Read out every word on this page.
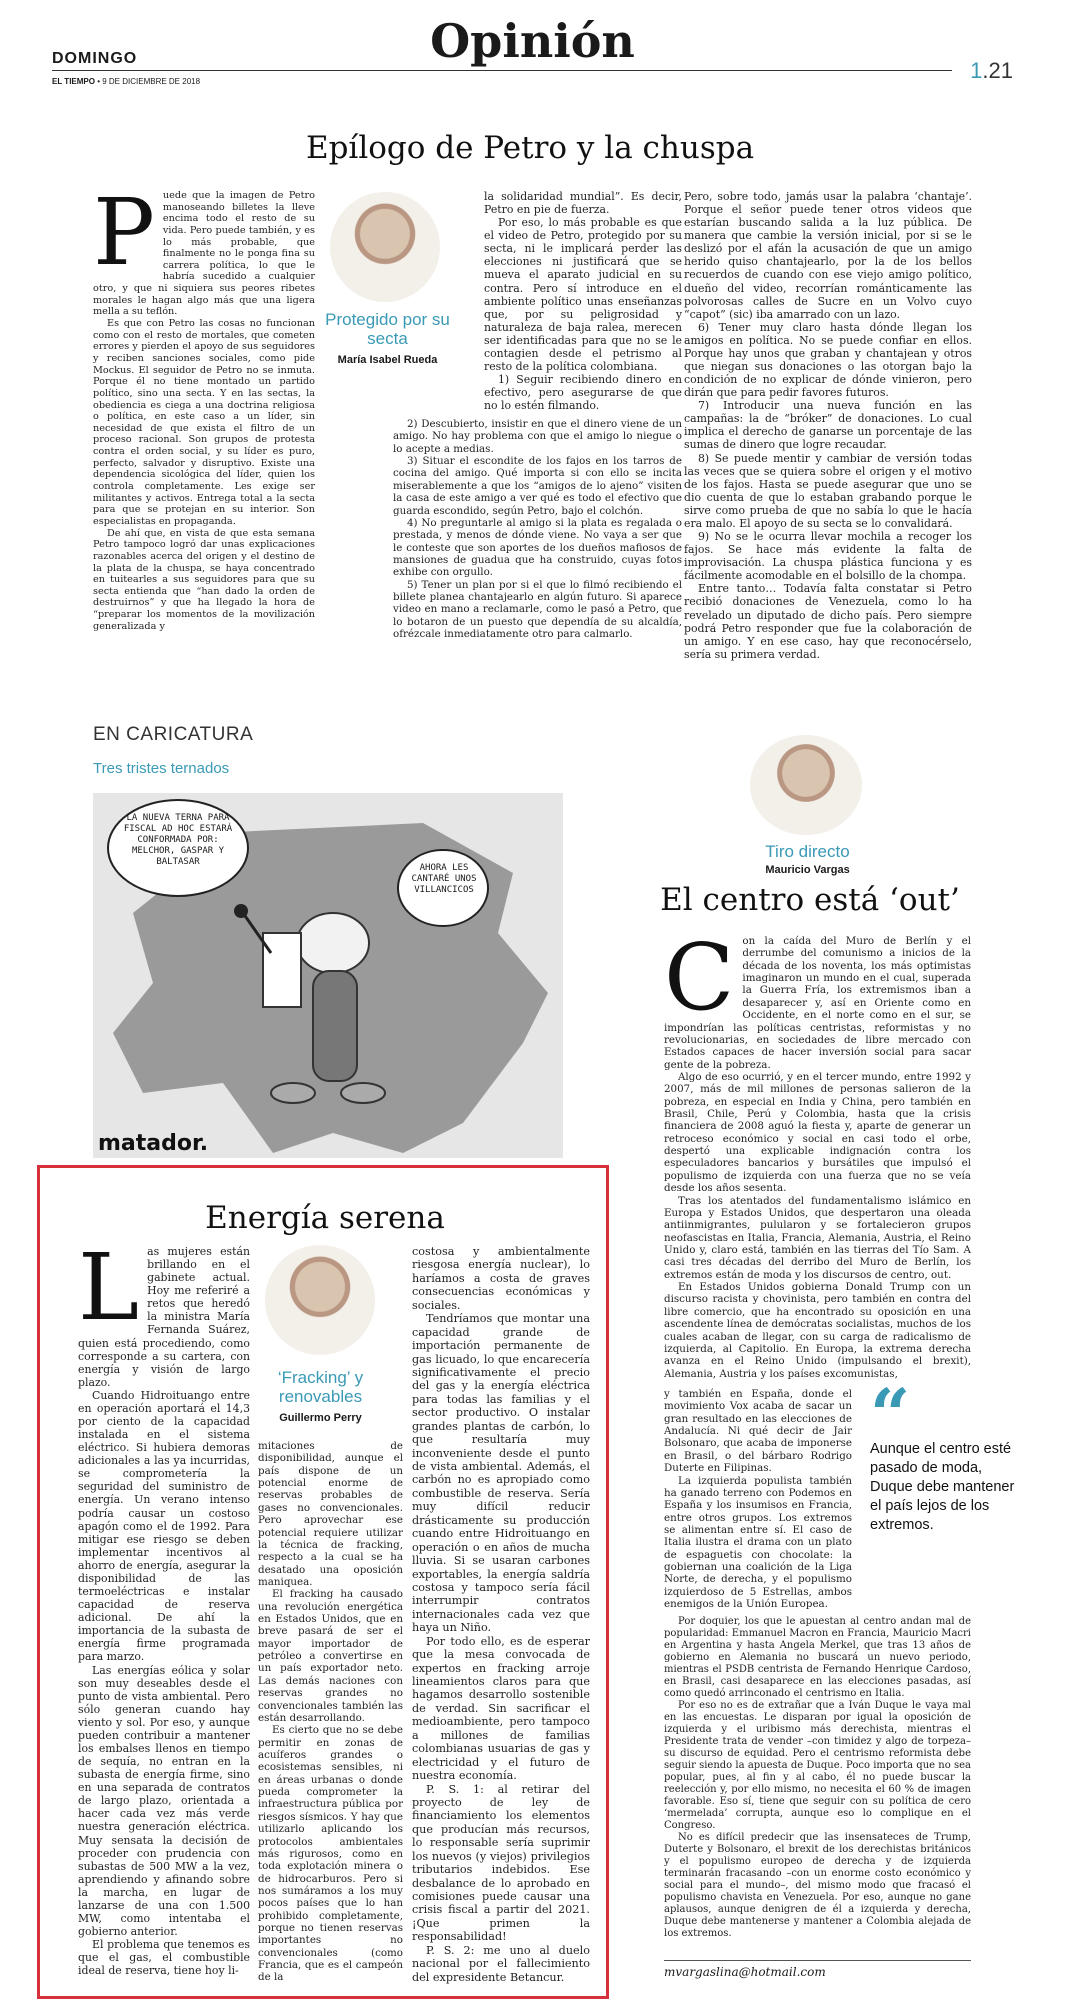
Opinión
DOMINGO
EL TIEMPO • 9 DE DICIEMBRE DE 2018	1.21
Epílogo de Petro y la chuspa
P uede que la imagen de Petro manoseando billetes la lleve encima todo el resto de su vida. Pero puede también, y es lo más probable, que finalmente no le ponga fina su carrera política, lo que le habría sucedido a cualquier otro, y que ni siquiera sus peores ribetes morales le hagan algo más que una ligera mella a su teflón.

Es que con Petro las cosas no funcionan como con el resto de mortales, que cometen errores y pierden el apoyo de sus seguidores y reciben sanciones sociales, como pide Mockus. El seguidor de Petro no se inmuta. Porque él no tiene montado un partido político, sino una secta. Y en las sectas, la obediencia es ciega a una doctrina religiosa o política, en este caso a un líder, sin necesidad de que exista el filtro de un proceso racional. Son grupos de protesta contra el orden social, y su líder es puro, perfecto, salvador y disruptivo. Existe una dependencia sicológica del líder, quien los controla completamente. Les exige ser militantes y activos. Entrega total a la secta para que se protejan en su interior. Son especialistas en propaganda.

De ahí que, en vista de que esta semana Petro tampoco logró dar unas explicaciones razonables acerca del origen y el destino de la plata de la chuspa, se haya concentrado en tuitearles a sus seguidores para que su secta entienda que “han dado la orden de destruirnos” y que ha llegado la hora de “preparar los momentos de la movilización generalizada y

Protegido por su secta
María Isabel Rueda

la solidaridad mundial”. Es decir, Petro en pie de fuerza.

Por eso, lo más probable es que el video de Petro, protegido por su secta, ni le implicará perder las elecciones ni justificará que se mueva el aparato judicial en su contra. Pero sí introduce en el ambiente político unas enseñanzas que, por su peligrosidad y naturaleza de baja ralea, merecen ser identificadas para que no se le contagien desde el petrismo al resto de la política colombiana.

1) Seguir recibiendo dinero en efectivo, pero asegurarse de que no lo estén filmando.

2) Descubierto, insistir en que el dinero viene de un amigo. No hay problema con que el amigo lo niegue o lo acepte a medias.

3) Situar el escondite de los fajos en los tarros de cocina del amigo. Qué importa si con ello se incita miserablemente a que los “amigos de lo ajeno” visiten la casa de este amigo a ver qué es todo el efectivo que guarda escondido, según Petro, bajo el colchón.

4) No preguntarle al amigo si la plata es regalada o prestada, y menos de dónde viene. No vaya a ser que le conteste que son aportes de los dueños mafiosos de mansiones de guadua que ha construido, cuyas fotos exhibe con orgullo.

5) Tener un plan por si el que lo filmó recibiendo el billete planea chantajearlo en algún futuro. Si aparece video en mano a reclamarle, como le pasó a Petro, que lo botaron de un puesto que dependía de su alcaldía, ofrézcale inmediatamente otro para calmarlo.

Pero, sobre todo, jamás usar la palabra ‘chantaje’. Porque el señor puede tener otros videos que estarían buscando salida a la luz pública. De manera que cambie la versión inicial, por si se le deslizó por el afán la acusación de que un amigo herido quiso chantajearlo, por la de los bellos recuerdos de cuando con ese viejo amigo político, dueño del video, recorrían románticamente las polvorosas calles de Sucre en un Volvo cuyo “capot” (sic) iba amarrado con un lazo.

6) Tener muy claro hasta dónde llegan los amigos en política. No se puede confiar en ellos. Porque hay unos que graban y chantajean y otros que niegan sus donaciones o las otorgan bajo la condición de no explicar de dónde vinieron, pero dirán que para pedir favores futuros.

7) Introducir una nueva función en las campañas: la de “bróker” de donaciones. Lo cual implica el derecho de ganarse un porcentaje de las sumas de dinero que logre recaudar.

8) Se puede mentir y cambiar de versión todas las veces que se quiera sobre el origen y el motivo de los fajos. Hasta se puede asegurar que uno se dio cuenta de que lo estaban grabando porque le sirve como prueba de que no sabía lo que le hacía era malo. El apoyo de su secta se lo convalidará.

9) No se le ocurra llevar mochila a recoger los fajos. Se hace más evidente la falta de improvisación. La chuspa plástica funciona y es fácilmente acomodable en el bolsillo de la chompa.

Entre tanto… Todavía falta constatar si Petro recibió donaciones de Venezuela, como lo ha revelado un diputado de dicho país. Pero siempre podrá Petro responder que fue la colaboración de un amigo. Y en ese caso, hay que reconocérselo, sería su primera verdad.

EN CARICATURA
Tres tristes ternados
LA NUEVA TERNA PARA FISCAL AD HOC ESTARÁ CONFORMADA POR: MELCHOR, GASPAR Y BALTASAR
AHORA LES CANTARÉ UNOS VILLANCICOS
matador.
Tiro directo
Mauricio Vargas
El centro está ‘out’
C on la caída del Muro de Berlín y el derrumbe del comunismo a inicios de la década de los noventa, los más optimistas imaginaron un mundo en el cual, superada la Guerra Fría, los extremismos iban a desaparecer y, así en Oriente como en Occidente, en el norte como en el sur, se impondrían las políticas centristas, reformistas y no revolucionarias, en sociedades de libre mercado con Estados capaces de hacer inversión social para sacar gente de la pobreza.

Algo de eso ocurrió, y en el tercer mundo, entre 1992 y 2007, más de mil millones de personas salieron de la pobreza, en especial en India y China, pero también en Brasil, Chile, Perú y Colombia, hasta que la crisis financiera de 2008 aguó la fiesta y, aparte de generar un retroceso económico y social en casi todo el orbe, despertó una explicable indignación contra los especuladores bancarios y bursátiles que impulsó el populismo de izquierda con una fuerza que no se veía desde los años sesenta.

Tras los atentados del fundamentalismo islámico en Europa y Estados Unidos, que despertaron una oleada antiinmigrantes, pulularon y se fortalecieron grupos neofascistas en Italia, Francia, Alemania, Austria, el Reino Unido y, claro está, también en las tierras del Tío Sam. A casi tres décadas del derribo del Muro de Berlín, los extremos están de moda y los discursos de centro, out.

En Estados Unidos gobierna Donald Trump con un discurso racista y chovinista, pero también en contra del libre comercio, que ha encontrado su oposición en una ascendente línea de demócratas socialistas, muchos de los cuales acaban de llegar, con su carga de radicalismo de izquierda, al Capitolio. En Europa, la extrema derecha avanza en el Reino Unido (impulsando el brexit), Alemania, Austria y los países excomunistas,

y también en España, donde el movimiento Vox acaba de sacar un gran resultado en las elecciones de Andalucía. Ni qué decir de Jair Bolsonaro, que acaba de imponerse en Brasil, o del bárbaro Rodrigo Duterte en Filipinas.

La izquierda populista también ha ganado terreno con Podemos en España y los insumisos en Francia, entre otros grupos. Los extremos se alimentan entre sí. El caso de Italia ilustra el drama con un plato de espaguetis con chocolate: la gobiernan una coalición de la Liga Norte, de derecha, y el populismo izquierdoso de 5 Estrellas, ambos enemigos de la Unión Europea.

Por doquier, los que le apuestan al centro andan mal de popularidad: Emmanuel Macron en Francia, Mauricio Macri en Argentina y hasta Angela Merkel, que tras 13 años de gobierno en Alemania no buscará un nuevo periodo, mientras el PSDB centrista de Fernando Henrique Cardoso, en Brasil, casi desaparece en las elecciones pasadas, así como quedó arrinconado el centrismo en Italia.

Por eso no es de extrañar que a Iván Duque le vaya mal en las encuestas. Le disparan por igual la oposición de izquierda y el uribismo más derechista, mientras el Presidente trata de vender –con timidez y algo de torpeza– su discurso de equidad. Pero el centrismo reformista debe seguir siendo la apuesta de Duque. Poco importa que no sea popular, pues, al fin y al cabo, él no puede buscar la reelección y, por ello mismo, no necesita el 60 % de imagen favorable. Eso sí, tiene que seguir con su política de cero ‘mermelada’ corrupta, aunque eso lo complique en el Congreso.

No es difícil predecir que las insensateces de Trump, Duterte y Bolsonaro, el brexit de los derechistas británicos y el populismo europeo de derecha y de izquierda terminarán fracasando –con un enorme costo económico y social para el mundo–, del mismo modo que fracasó el populismo chavista en Venezuela. Por eso, aunque no gane aplausos, aunque denigren de él a izquierda y derecha, Duque debe mantenerse y mantener a Colombia alejada de los extremos.

“
Aunque el centro esté pasado de moda, Duque debe mantener el país lejos de los extremos.
mvargaslina@hotmail.com
Energía serena
L as mujeres están brillando en el gabinete actual. Hoy me referiré a retos que heredó la ministra María Fernanda Suárez, quien está procediendo, como corresponde a su cartera, con energía y visión de largo plazo.

Cuando Hidroituango entre en operación aportará el 14,3 por ciento de la capacidad instalada en el sistema eléctrico. Si hubiera demoras adicionales a las ya incurridas, se comprometería la seguridad del suministro de energía. Un verano intenso podría causar un costoso apagón como el de 1992. Para mitigar ese riesgo se deben implementar incentivos al ahorro de energía, asegurar la disponibilidad de las termoeléctricas e instalar capacidad de reserva adicional. De ahí la importancia de la subasta de energía firme programada para marzo.

Las energías eólica y solar son muy deseables desde el punto de vista ambiental. Pero sólo generan cuando hay viento y sol. Por eso, y aunque pueden contribuir a mantener los embalses llenos en tiempo de sequía, no entran en la subasta de energía firme, sino en una separada de contratos de largo plazo, orientada a hacer cada vez más verde nuestra generación eléctrica. Muy sensata la decisión de proceder con prudencia con subastas de 500 MW a la vez, aprendiendo y afinando sobre la marcha, en lugar de lanzarse de una con 1.500 MW, como intentaba el gobierno anterior.

El problema que tenemos es que el gas, el combustible ideal de reserva, tiene hoy li-

‘Fracking’ y renovables
Guillermo Perry

mitaciones de disponibilidad, aunque el país dispone de un potencial enorme de reservas probables de gases no convencionales. Pero aprovechar ese potencial requiere utilizar la técnica de fracking, respecto a la cual se ha desatado una oposición maniquea.

El fracking ha causado una revolución energética en Estados Unidos, que en breve pasará de ser el mayor importador de petróleo a convertirse en un país exportador neto. Las demás naciones con reservas grandes no convencionales también las están desarrollando.

Es cierto que no se debe permitir en zonas de acuíferos grandes o ecosistemas sensibles, ni en áreas urbanas o donde pueda comprometer la infraestructura pública por riesgos sísmicos. Y hay que utilizarlo aplicando los protocolos ambientales más rigurosos, como en toda explotación minera o de hidrocarburos. Pero si nos sumáramos a los muy pocos países que lo han prohibido completamente, porque no tienen reservas importantes no convencionales (como Francia, que es el campeón de la

costosa y ambientalmente riesgosa energía nuclear), lo haríamos a costa de graves consecuencias económicas y sociales.

Tendríamos que montar una capacidad grande de importación permanente de gas licuado, lo que encarecería significativamente el precio del gas y la energía eléctrica para todas las familias y el sector productivo. O instalar grandes plantas de carbón, lo que resultaría muy inconveniente desde el punto de vista ambiental. Además, el carbón no es apropiado como combustible de reserva. Sería muy difícil reducir drásticamente su producción cuando entre Hidroituango en operación o en años de mucha lluvia. Si se usaran carbones exportables, la energía saldría costosa y tampoco sería fácil interrumpir contratos internacionales cada vez que haya un Niño.

Por todo ello, es de esperar que la mesa convocada de expertos en fracking arroje lineamientos claros para que hagamos desarrollo sostenible de verdad. Sin sacrificar el medioambiente, pero tampoco a millones de familias colombianas usuarias de gas y electricidad y el futuro de nuestra economía.

P. S. 1: al retirar del proyecto de ley de financiamiento los elementos que producían más recursos, lo responsable sería suprimir los nuevos (y viejos) privilegios tributarios indebidos. Ese desbalance de lo aprobado en comisiones puede causar una crisis fiscal a partir del 2021. ¡Que primen la responsabilidad!

P. S. 2: me uno al duelo nacional por el fallecimiento del expresidente Betancur.
